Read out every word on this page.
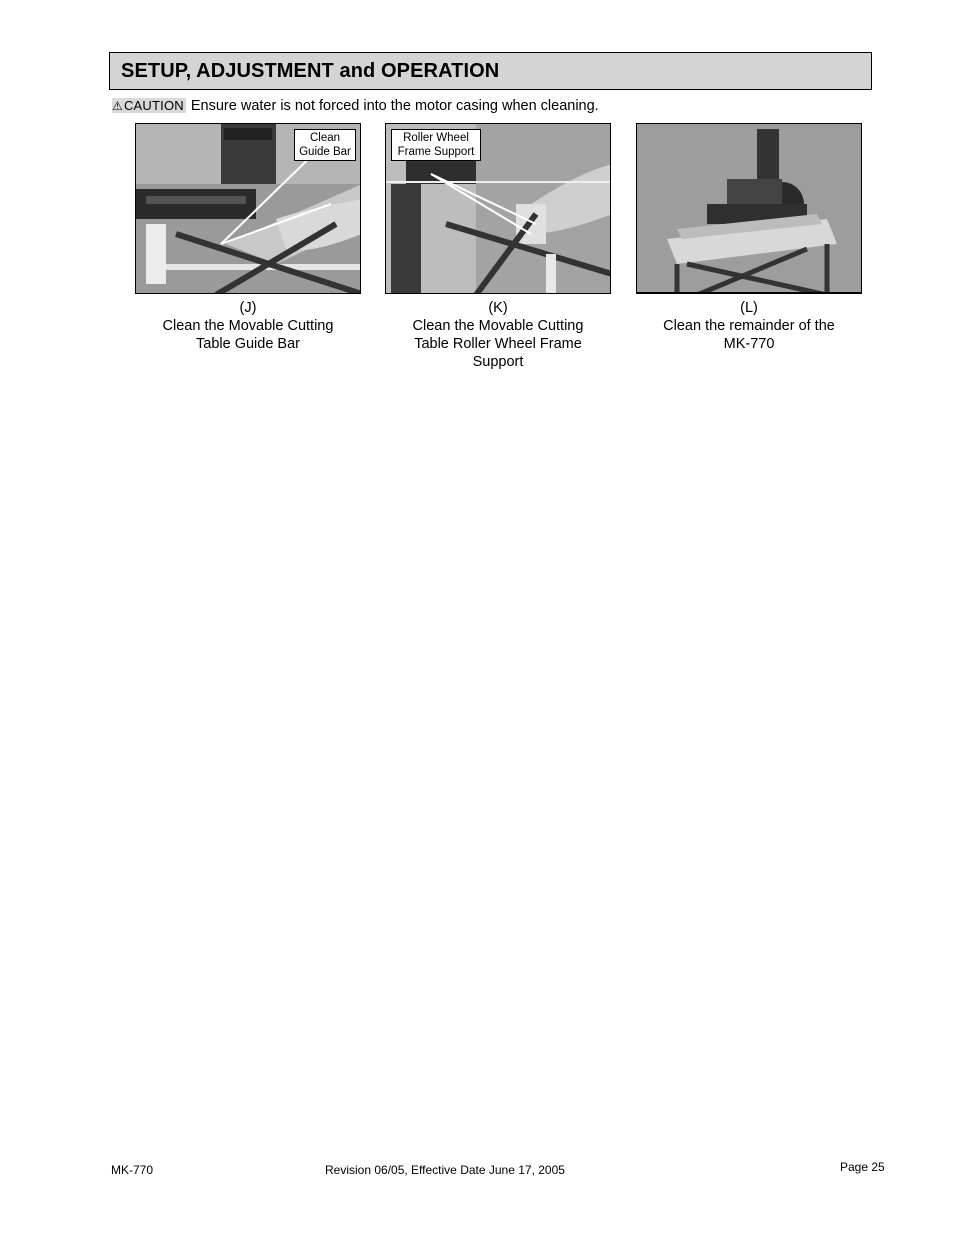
SETUP, ADJUSTMENT and OPERATION
⚠CAUTION Ensure water is not forced into the motor casing when cleaning.
Clean Guide Bar
Roller Wheel Frame Support
(J)
Clean the Movable Cutting Table Guide Bar
(K)
Clean the Movable Cutting Table Roller Wheel Frame Support
(L)
Clean the remainder of the MK-770
MK-770	Revision 06/05, Effective Date June 17, 2005	Page 25
